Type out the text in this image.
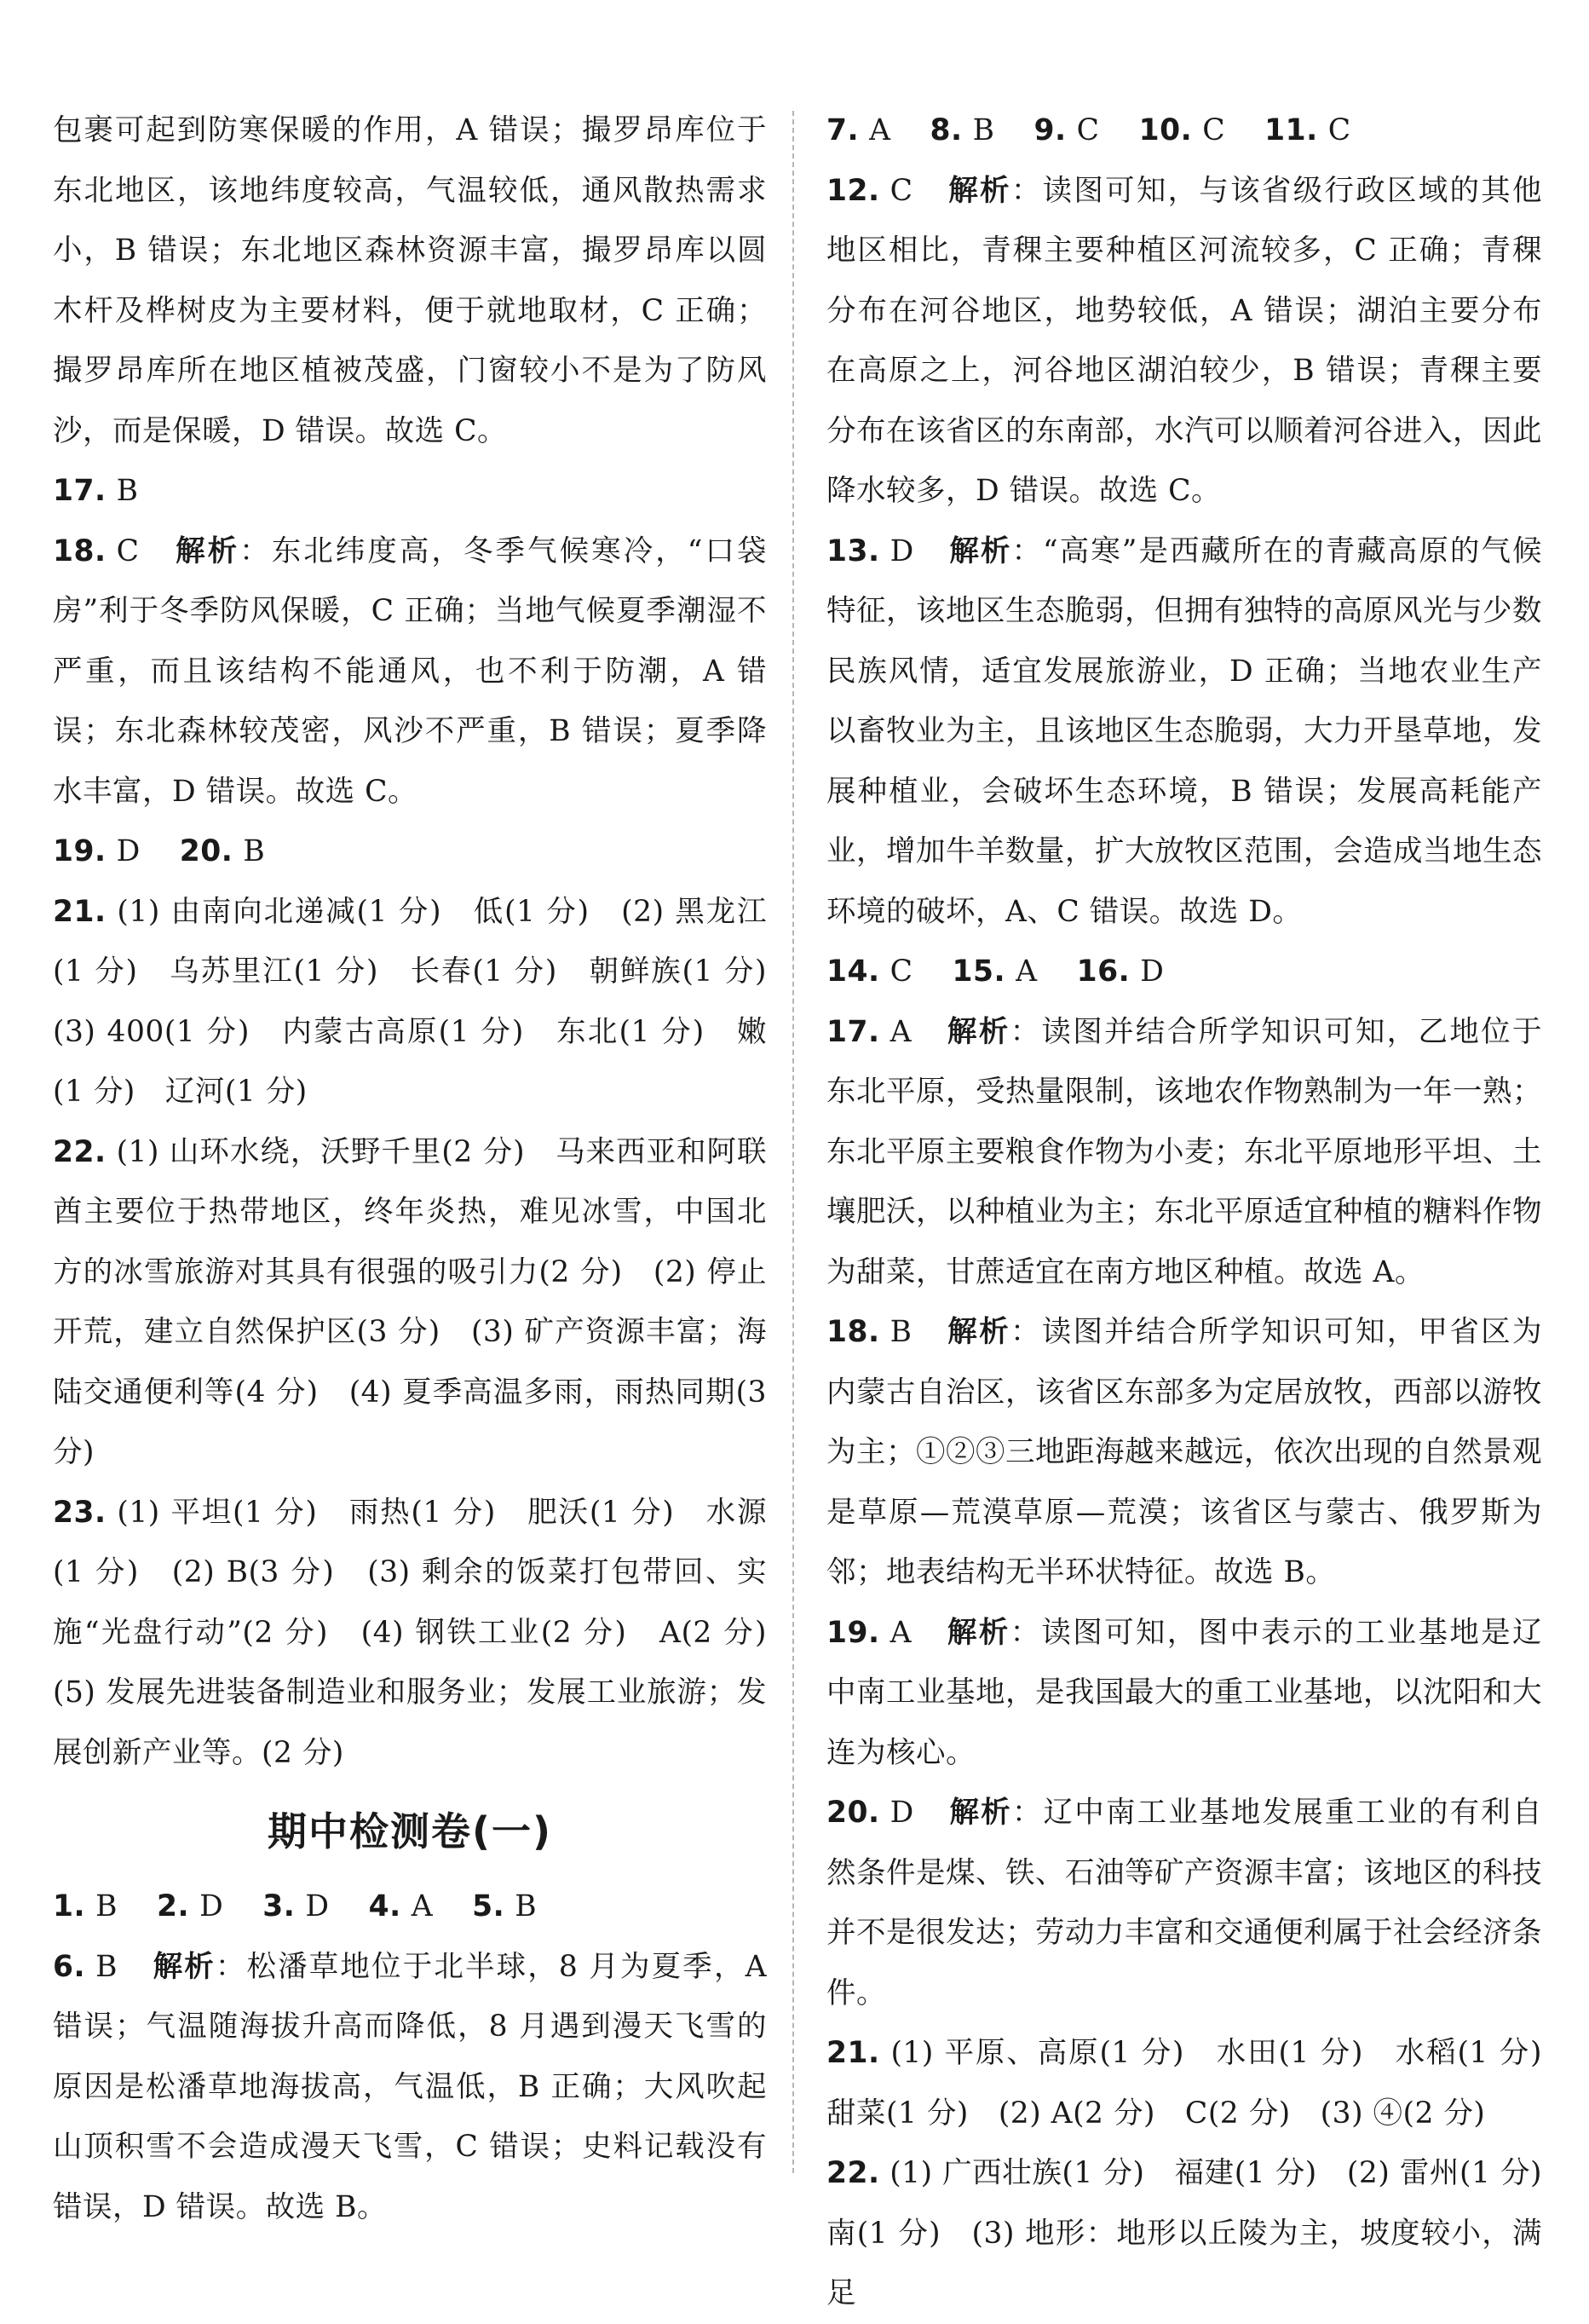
包裹可起到防寒保暖的作用，A 错误；撮罗昂库位于东北地区，该地纬度较高，气温较低，通风散热需求小，B 错误；东北地区森林资源丰富，撮罗昂库以圆木杆及桦树皮为主要材料，便于就地取材，C 正确；撮罗昂库所在地区植被茂盛，门窗较小不是为了防风沙，而是保暖，D 错误。故选 C。

17. B

18. C 解析：东北纬度高，冬季气候寒冷，“口袋房”利于冬季防风保暖，C 正确；当地气候夏季潮湿不严重，而且该结构不能通风，也不利于防潮，A 错误；东北森林较茂密，风沙不严重，B 错误；夏季降水丰富，D 错误。故选 C。

19. D 20. B

21. (1) 由南向北递减(1 分)　低(1 分)　(2) 黑龙江(1 分)　乌苏里江(1 分)　长春(1 分)　朝鲜族(1 分)　(3) 400(1 分)　内蒙古高原(1 分)　东北(1 分)　嫩(1 分)　辽河(1 分)

22. (1) 山环水绕，沃野千里(2 分)　马来西亚和阿联酋主要位于热带地区，终年炎热，难见冰雪，中国北方的冰雪旅游对其具有很强的吸引力(2 分)　(2) 停止开荒，建立自然保护区(3 分)　(3) 矿产资源丰富；海陆交通便利等(4 分)　(4) 夏季高温多雨，雨热同期(3 分)

23. (1) 平坦(1 分)　雨热(1 分)　肥沃(1 分)　水源(1 分)　(2) B(3 分)　(3) 剩余的饭菜打包带回、实施“光盘行动”(2 分)　(4) 钢铁工业(2 分)　A(2 分)　(5) 发展先进装备制造业和服务业；发展工业旅游；发展创新产业等。(2 分)

期中检测卷(一)

1. B 2. D 3. D 4. A 5. B

6. B 解析：松潘草地位于北半球，8 月为夏季，A 错误；气温随海拔升高而降低，8 月遇到漫天飞雪的原因是松潘草地海拔高，气温低，B 正确；大风吹起山顶积雪不会造成漫天飞雪，C 错误；史料记载没有错误，D 错误。故选 B。

7. A 8. B 9. C 10. C 11. C

12. C 解析：读图可知，与该省级行政区域的其他地区相比，青稞主要种植区河流较多，C 正确；青稞分布在河谷地区，地势较低，A 错误；湖泊主要分布在高原之上，河谷地区湖泊较少，B 错误；青稞主要分布在该省区的东南部，水汽可以顺着河谷进入，因此降水较多，D 错误。故选 C。

13. D 解析：“高寒”是西藏所在的青藏高原的气候特征，该地区生态脆弱，但拥有独特的高原风光与少数民族风情，适宜发展旅游业，D 正确；当地农业生产以畜牧业为主，且该地区生态脆弱，大力开垦草地，发展种植业，会破坏生态环境，B 错误；发展高耗能产业，增加牛羊数量，扩大放牧区范围，会造成当地生态环境的破坏，A、C 错误。故选 D。

14. C 15. A 16. D

17. A 解析：读图并结合所学知识可知，乙地位于东北平原，受热量限制，该地农作物熟制为一年一熟；东北平原主要粮食作物为小麦；东北平原地形平坦、土壤肥沃，以种植业为主；东北平原适宜种植的糖料作物为甜菜，甘蔗适宜在南方地区种植。故选 A。

18. B 解析：读图并结合所学知识可知，甲省区为内蒙古自治区，该省区东部多为定居放牧，西部以游牧为主；①②③三地距海越来越远，依次出现的自然景观是草原—荒漠草原—荒漠；该省区与蒙古、俄罗斯为邻；地表结构无半环状特征。故选 B。

19. A 解析：读图可知，图中表示的工业基地是辽中南工业基地，是我国最大的重工业基地，以沈阳和大连为核心。

20. D 解析：辽中南工业基地发展重工业的有利自然条件是煤、铁、石油等矿产资源丰富；该地区的科技并不是很发达；劳动力丰富和交通便利属于社会经济条件。

21. (1) 平原、高原(1 分)　水田(1 分)　水稻(1 分)　甜菜(1 分)　(2) A(2 分)　C(2 分)　(3) ④(2 分)

22. (1) 广西壮族(1 分)　福建(1 分)　(2) 雷州(1 分)　南(1 分)　(3) 地形：地形以丘陵为主，坡度较小，满足
